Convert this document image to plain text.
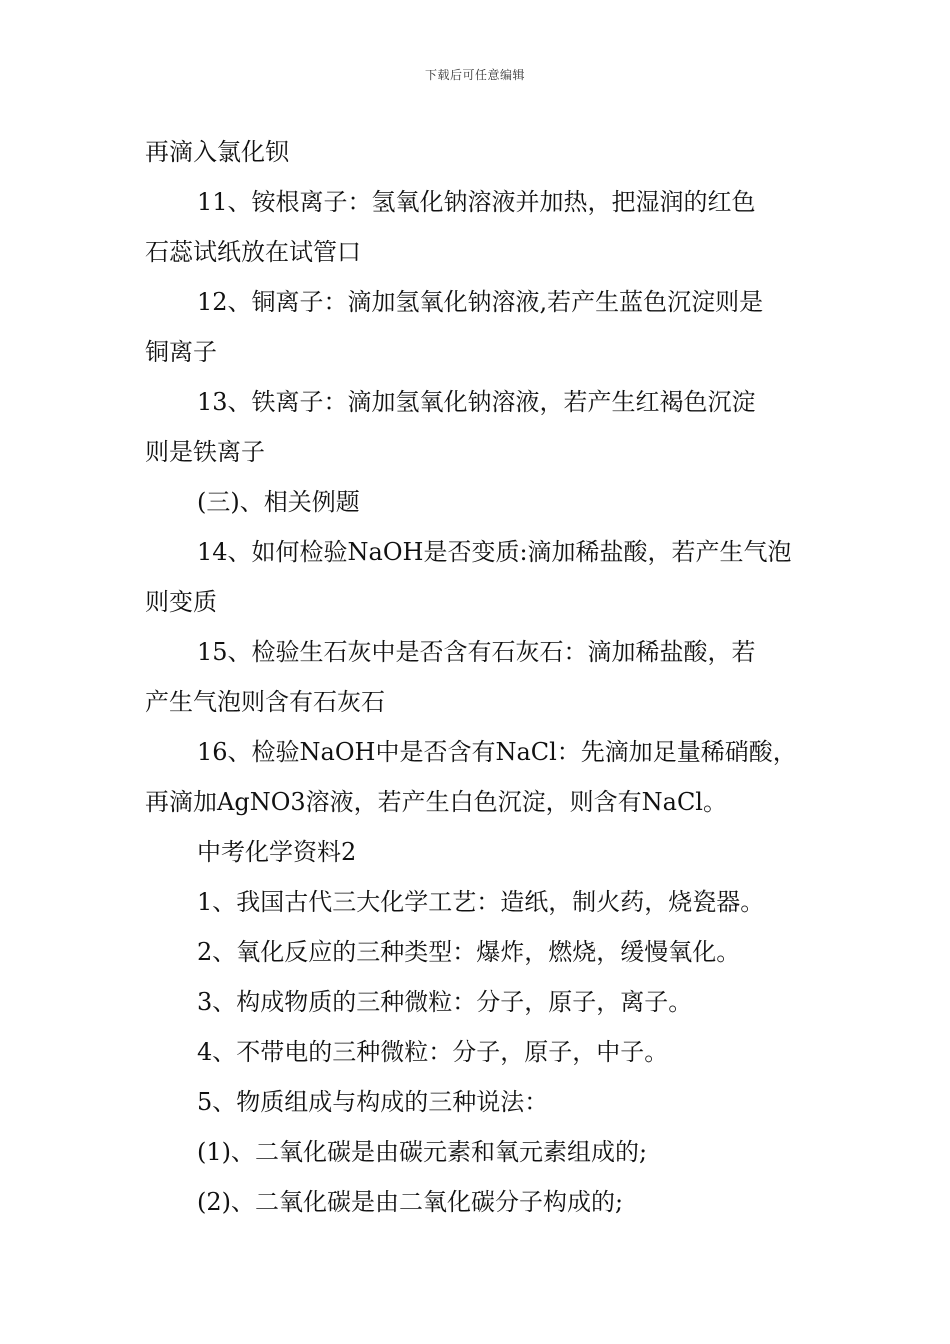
下载后可任意编辑
再滴入氯化钡
11、铵根离子：氢氧化钠溶液并加热，把湿润的红色
石蕊试纸放在试管口
12、铜离子：滴加氢氧化钠溶液,若产生蓝色沉淀则是
铜离子
13、铁离子：滴加氢氧化钠溶液，若产生红褐色沉淀
则是铁离子
(三)、相关例题
14、如何检验NaOH是否变质:滴加稀盐酸，若产生气泡
则变质
15、检验生石灰中是否含有石灰石：滴加稀盐酸，若
产生气泡则含有石灰石
16、检验NaOH中是否含有NaCl：先滴加足量稀硝酸，
再滴加AgNO3溶液，若产生白色沉淀，则含有NaCl。
中考化学资料2
1、我国古代三大化学工艺：造纸，制火药，烧瓷器。
2、氧化反应的三种类型：爆炸，燃烧，缓慢氧化。
3、构成物质的三种微粒：分子，原子，离子。
4、不带电的三种微粒：分子，原子，中子。
5、物质组成与构成的三种说法：
(1)、二氧化碳是由碳元素和氧元素组成的;
(2)、二氧化碳是由二氧化碳分子构成的;
